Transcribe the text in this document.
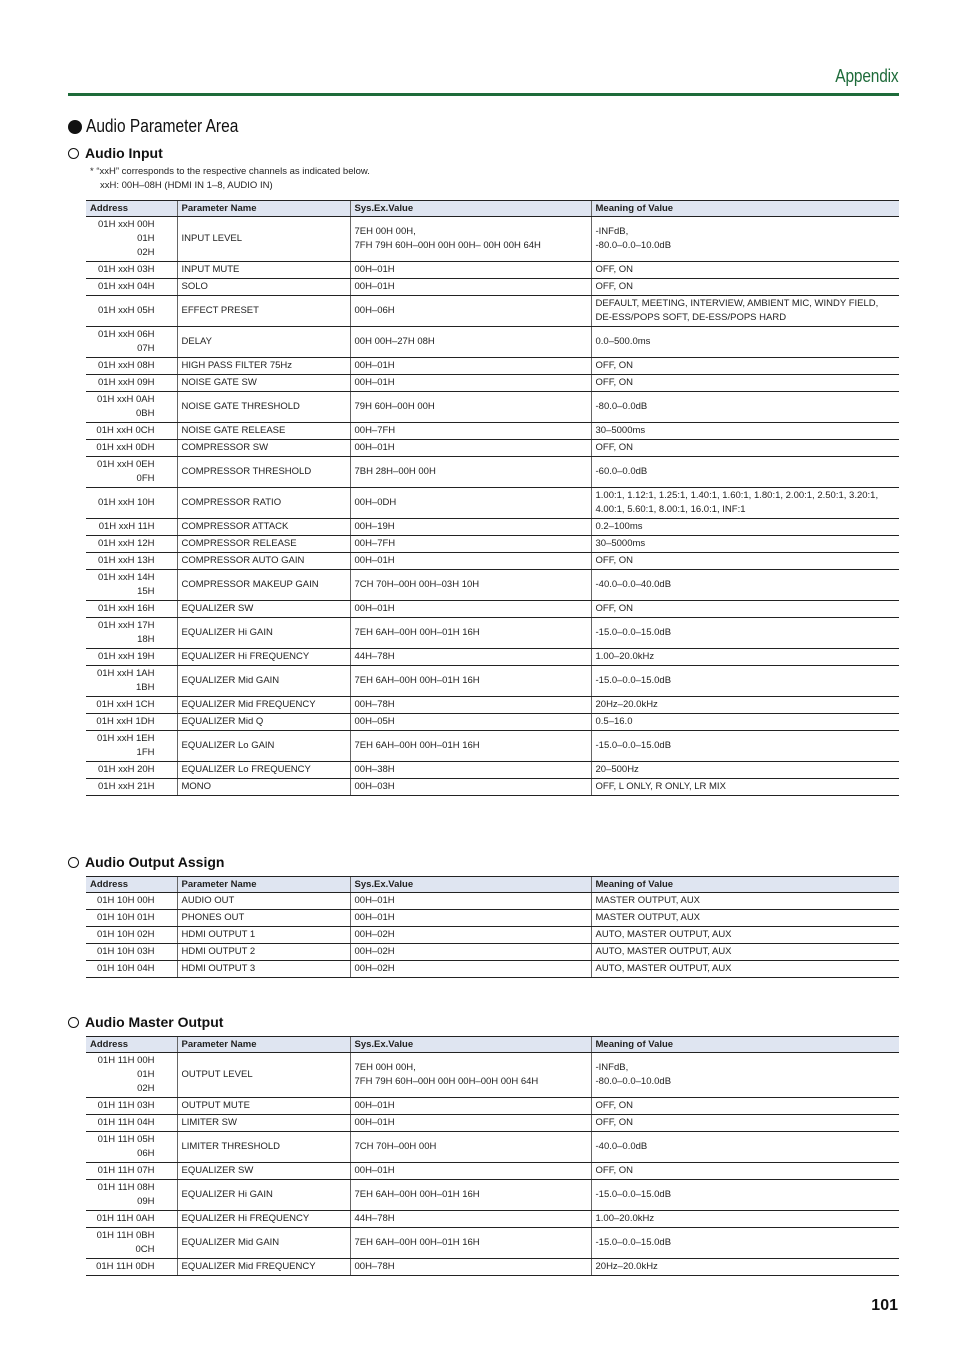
Appendix
Audio Parameter Area
Audio Input
* “xxH” corresponds to the respective channels as indicated below.
xxH: 00H–08H (HDMI IN 1–8, AUDIO IN)
Address	Parameter Name	Sys.Ex.Value	Meaning of Value

01H xxH 00H
01H
02H	INPUT LEVEL	7EH 00H 00H,
7FH 79H 60H–00H 00H 00H– 00H 00H 64H	-INFdB,
-80.0–0.0–10.0dB

01H xxH 03H	INPUT MUTE	00H–01H	OFF, ON

01H xxH 04H	SOLO	00H–01H	OFF, ON

01H xxH 05H	EFFECT PRESET	00H–06H	DEFAULT, MEETING, INTERVIEW, AMBIENT MIC, WINDY FIELD,
DE-ESS/POPS SOFT, DE-ESS/POPS HARD

01H xxH 06H
07H	DELAY	00H 00H–27H 08H	0.0–500.0ms

01H xxH 08H	HIGH PASS FILTER 75Hz	00H–01H	OFF, ON

01H xxH 09H	NOISE GATE SW	00H–01H	OFF, ON

01H xxH 0AH
0BH	NOISE GATE THRESHOLD	79H 60H–00H 00H	-80.0–0.0dB

01H xxH 0CH	NOISE GATE RELEASE	00H–7FH	30–5000ms

01H xxH 0DH	COMPRESSOR SW	00H–01H	OFF, ON

01H xxH 0EH
0FH	COMPRESSOR THRESHOLD	7BH 28H–00H 00H	-60.0–0.0dB

01H xxH 10H	COMPRESSOR RATIO	00H–0DH	1.00:1, 1.12:1, 1.25:1, 1.40:1, 1.60:1, 1.80:1, 2.00:1, 2.50:1, 3.20:1,
4.00:1, 5.60:1, 8.00:1, 16.0:1, INF:1

01H xxH 11H	COMPRESSOR ATTACK	00H–19H	0.2–100ms

01H xxH 12H	COMPRESSOR RELEASE	00H–7FH	30–5000ms

01H xxH 13H	COMPRESSOR AUTO GAIN	00H–01H	OFF, ON

01H xxH 14H
15H	COMPRESSOR MAKEUP GAIN	7CH 70H–00H 00H–03H 10H	-40.0–0.0–40.0dB

01H xxH 16H	EQUALIZER SW	00H–01H	OFF, ON

01H xxH 17H
18H	EQUALIZER Hi GAIN	7EH 6AH–00H 00H–01H 16H	-15.0–0.0–15.0dB

01H xxH 19H	EQUALIZER Hi FREQUENCY	44H–78H	1.00–20.0kHz

01H xxH 1AH
1BH	EQUALIZER Mid GAIN	7EH 6AH–00H 00H–01H 16H	-15.0–0.0–15.0dB

01H xxH 1CH	EQUALIZER Mid FREQUENCY	00H–78H	20Hz–20.0kHz

01H xxH 1DH	EQUALIZER Mid Q	00H–05H	0.5–16.0

01H xxH 1EH
1FH	EQUALIZER Lo GAIN	7EH 6AH–00H 00H–01H 16H	-15.0–0.0–15.0dB

01H xxH 20H	EQUALIZER Lo FREQUENCY	00H–38H	20–500Hz

01H xxH 21H	MONO	00H–03H	OFF, L ONLY, R ONLY, LR MIX
Audio Output Assign
Address	Parameter Name	Sys.Ex.Value	Meaning of Value

01H 10H 00H	AUDIO OUT	00H–01H	MASTER OUTPUT, AUX

01H 10H 01H	PHONES OUT	00H–01H	MASTER OUTPUT, AUX

01H 10H 02H	HDMI OUTPUT 1	00H–02H	AUTO, MASTER OUTPUT, AUX

01H 10H 03H	HDMI OUTPUT 2	00H–02H	AUTO, MASTER OUTPUT, AUX

01H 10H 04H	HDMI OUTPUT 3	00H–02H	AUTO, MASTER OUTPUT, AUX
Audio Master Output
Address	Parameter Name	Sys.Ex.Value	Meaning of Value

01H 11H 00H
01H
02H	OUTPUT LEVEL	7EH 00H 00H,
7FH 79H 60H–00H 00H 00H–00H 00H 64H	-INFdB,
-80.0–0.0–10.0dB

01H 11H 03H	OUTPUT MUTE	00H–01H	OFF, ON

01H 11H 04H	LIMITER SW	00H–01H	OFF, ON

01H 11H 05H
06H	LIMITER THRESHOLD	7CH 70H–00H 00H	-40.0–0.0dB

01H 11H 07H	EQUALIZER SW	00H–01H	OFF, ON

01H 11H 08H
09H	EQUALIZER Hi GAIN	7EH 6AH–00H 00H–01H 16H	-15.0–0.0–15.0dB

01H 11H 0AH	EQUALIZER Hi FREQUENCY	44H–78H	1.00–20.0kHz

01H 11H 0BH
0CH	EQUALIZER Mid GAIN	7EH 6AH–00H 00H–01H 16H	-15.0–0.0–15.0dB

01H 11H 0DH	EQUALIZER Mid FREQUENCY	00H–78H	20Hz–20.0kHz
101
